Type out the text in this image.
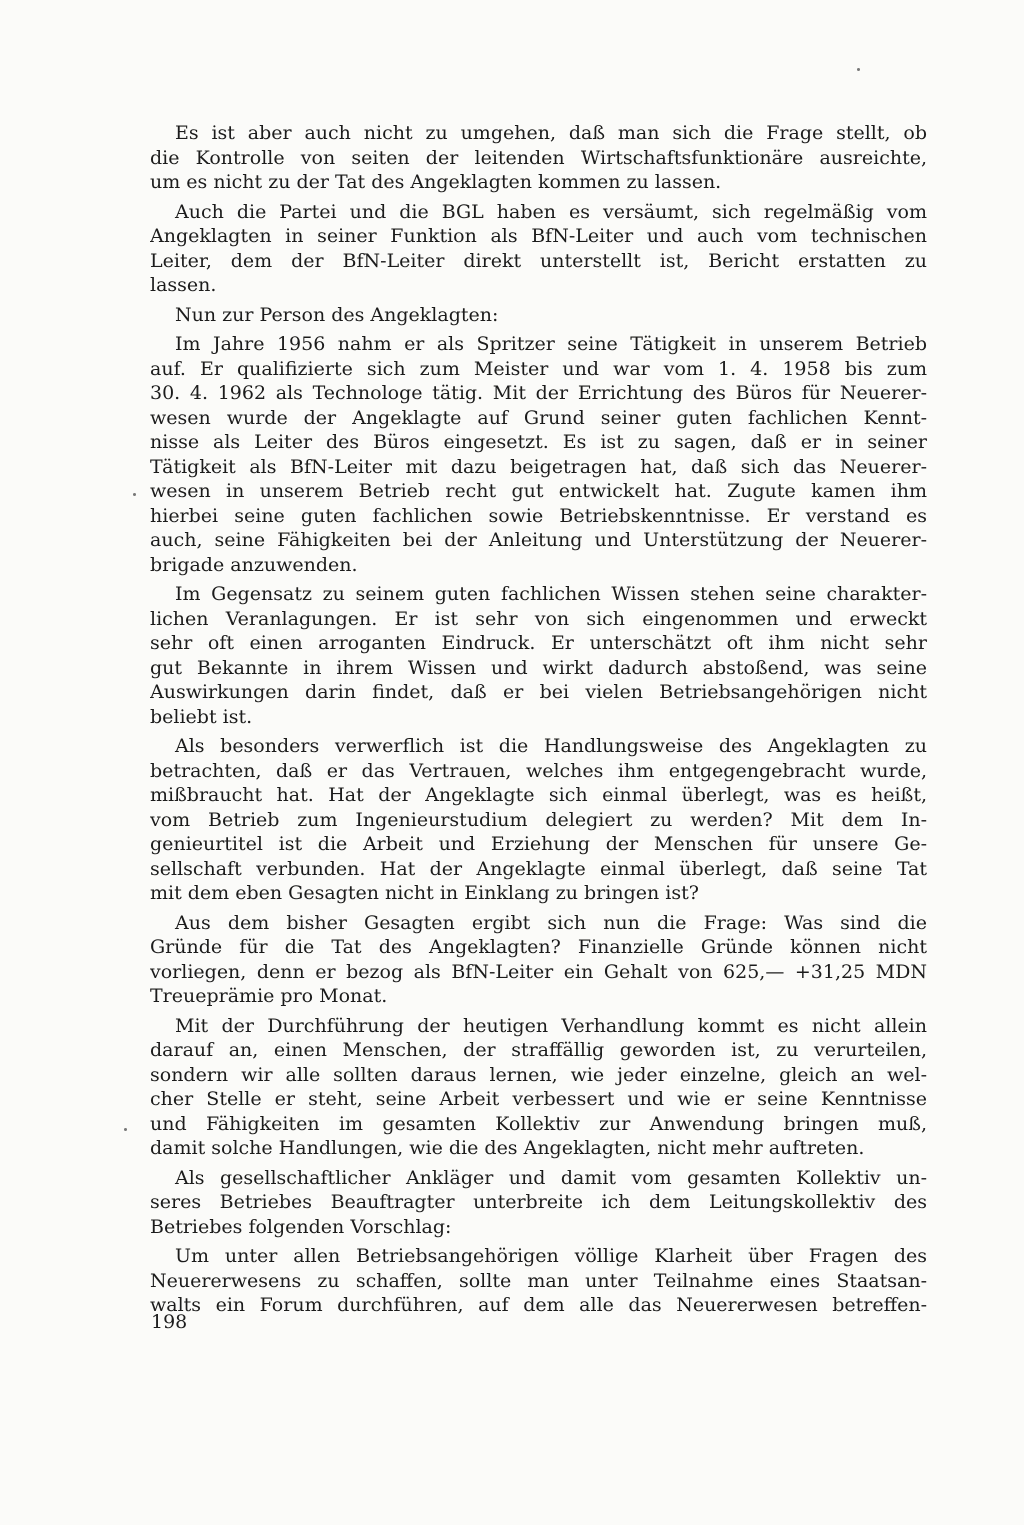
Es ist aber auch nicht zu umgehen, daß man sich die Frage stellt, ob
die Kontrolle von seiten der leitenden Wirtschaftsfunktionäre ausreichte,
um es nicht zu der Tat des Angeklagten kommen zu lassen.
Auch die Partei und die BGL haben es versäumt, sich regelmäßig vom
Angeklagten in seiner Funktion als BfN-Leiter und auch vom technischen
Leiter, dem der BfN-Leiter direkt unterstellt ist, Bericht erstatten zu
lassen.
Nun zur Person des Angeklagten:
Im Jahre 1956 nahm er als Spritzer seine Tätigkeit in unserem Betrieb
auf. Er qualifizierte sich zum Meister und war vom 1. 4. 1958 bis zum
30. 4. 1962 als Technologe tätig. Mit der Errichtung des Büros für Neuerer-
wesen wurde der Angeklagte auf Grund seiner guten fachlichen Kennt-
nisse als Leiter des Büros eingesetzt. Es ist zu sagen, daß er in seiner
Tätigkeit als BfN-Leiter mit dazu beigetragen hat, daß sich das Neuerer-
wesen in unserem Betrieb recht gut entwickelt hat. Zugute kamen ihm
hierbei seine guten fachlichen sowie Betriebskenntnisse. Er verstand es
auch, seine Fähigkeiten bei der Anleitung und Unterstützung der Neuerer-
brigade anzuwenden.
Im Gegensatz zu seinem guten fachlichen Wissen stehen seine charakter-
lichen Veranlagungen. Er ist sehr von sich eingenommen und erweckt
sehr oft einen arroganten Eindruck. Er unterschätzt oft ihm nicht sehr
gut Bekannte in ihrem Wissen und wirkt dadurch abstoßend, was seine
Auswirkungen darin findet, daß er bei vielen Betriebsangehörigen nicht
beliebt ist.
Als besonders verwerflich ist die Handlungsweise des Angeklagten zu
betrachten, daß er das Vertrauen, welches ihm entgegengebracht wurde,
mißbraucht hat. Hat der Angeklagte sich einmal überlegt, was es heißt,
vom Betrieb zum Ingenieurstudium delegiert zu werden? Mit dem In-
genieurtitel ist die Arbeit und Erziehung der Menschen für unsere Ge-
sellschaft verbunden. Hat der Angeklagte einmal überlegt, daß seine Tat
mit dem eben Gesagten nicht in Einklang zu bringen ist?
Aus dem bisher Gesagten ergibt sich nun die Frage: Was sind die
Gründe für die Tat des Angeklagten? Finanzielle Gründe können nicht
vorliegen, denn er bezog als BfN-Leiter ein Gehalt von 625,— +31,25 MDN
Treueprämie pro Monat.
Mit der Durchführung der heutigen Verhandlung kommt es nicht allein
darauf an, einen Menschen, der straffällig geworden ist, zu verurteilen,
sondern wir alle sollten daraus lernen, wie jeder einzelne, gleich an wel-
cher Stelle er steht, seine Arbeit verbessert und wie er seine Kenntnisse
und Fähigkeiten im gesamten Kollektiv zur Anwendung bringen muß,
damit solche Handlungen, wie die des Angeklagten, nicht mehr auftreten.
Als gesellschaftlicher Ankläger und damit vom gesamten Kollektiv un-
seres Betriebes Beauftragter unterbreite ich dem Leitungskollektiv des
Betriebes folgenden Vorschlag:
Um unter allen Betriebsangehörigen völlige Klarheit über Fragen des
Neuererwesens zu schaffen, sollte man unter Teilnahme eines Staatsan-
walts ein Forum durchführen, auf dem alle das Neuererwesen betreffen-
198
